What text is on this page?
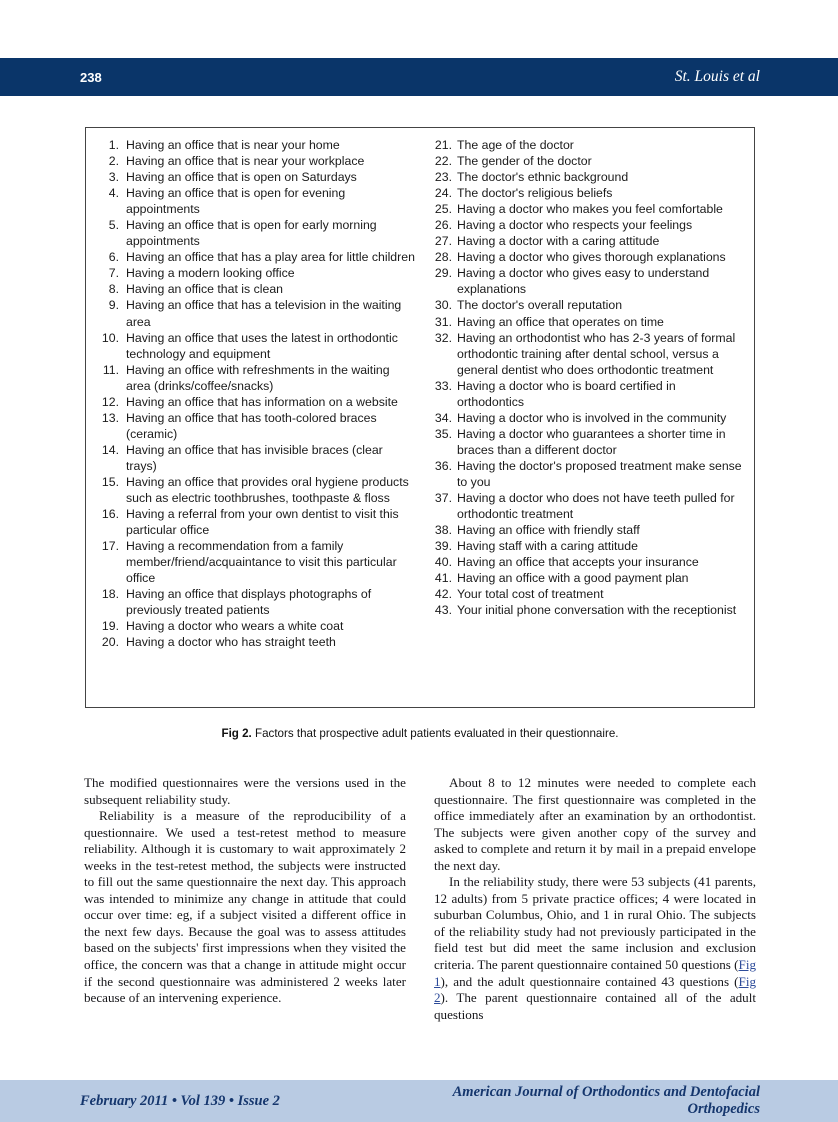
238	St. Louis et al
1. Having an office that is near your home
2. Having an office that is near your workplace
3. Having an office that is open on Saturdays
4. Having an office that is open for evening appointments
5. Having an office that is open for early morning appointments
6. Having an office that has a play area for little children
7. Having a modern looking office
8. Having an office that is clean
9. Having an office that has a television in the waiting area
10. Having an office that uses the latest in orthodontic technology and equipment
11. Having an office with refreshments in the waiting area (drinks/coffee/snacks)
12. Having an office that has information on a website
13. Having an office that has tooth-colored braces (ceramic)
14. Having an office that has invisible braces (clear trays)
15. Having an office that provides oral hygiene products such as electric toothbrushes, toothpaste & floss
16. Having a referral from your own dentist to visit this particular office
17. Having a recommendation from a family member/friend/acquaintance to visit this particular office
18. Having an office that displays photographs of previously treated patients
19. Having a doctor who wears a white coat
20. Having a doctor who has straight teeth
21. The age of the doctor
22. The gender of the doctor
23. The doctor's ethnic background
24. The doctor's religious beliefs
25. Having a doctor who makes you feel comfortable
26. Having a doctor who respects your feelings
27. Having a doctor with a caring attitude
28. Having a doctor who gives thorough explanations
29. Having a doctor who gives easy to understand explanations
30. The doctor's overall reputation
31. Having an office that operates on time
32. Having an orthodontist who has 2-3 years of formal orthodontic training after dental school, versus a general dentist who does orthodontic treatment
33. Having a doctor who is board certified in orthodontics
34. Having a doctor who is involved in the community
35. Having a doctor who guarantees a shorter time in braces than a different doctor
36. Having the doctor's proposed treatment make sense to you
37. Having a doctor who does not have teeth pulled for orthodontic treatment
38. Having an office with friendly staff
39. Having staff with a caring attitude
40. Having an office that accepts your insurance
41. Having an office with a good payment plan
42. Your total cost of treatment
43. Your initial phone conversation with the receptionist
Fig 2. Factors that prospective adult patients evaluated in their questionnaire.

The modified questionnaires were the versions used in the subsequent reliability study.

Reliability is a measure of the reproducibility of a questionnaire. We used a test-retest method to measure reliability. Although it is customary to wait approximately 2 weeks in the test-retest method, the subjects were instructed to fill out the same questionnaire the next day. This approach was intended to minimize any change in attitude that could occur over time: eg, if a subject visited a different office in the next few days. Because the goal was to assess attitudes based on the subjects' first impressions when they visited the office, the concern was that a change in attitude might occur if the second questionnaire was administered 2 weeks later because of an intervening experience.

About 8 to 12 minutes were needed to complete each questionnaire. The first questionnaire was completed in the office immediately after an examination by an orthodontist. The subjects were given another copy of the survey and asked to complete and return it by mail in a prepaid envelope the next day.

In the reliability study, there were 53 subjects (41 parents, 12 adults) from 5 private practice offices; 4 were located in suburban Columbus, Ohio, and 1 in rural Ohio. The subjects of the reliability study had not previously participated in the field test but did meet the same inclusion and exclusion criteria. The parent questionnaire contained 50 questions (Fig 1), and the adult questionnaire contained 43 questions (Fig 2). The parent questionnaire contained all of the adult questions

February 2011 • Vol 139 • Issue 2
American Journal of Orthodontics and Dentofacial Orthopedics
